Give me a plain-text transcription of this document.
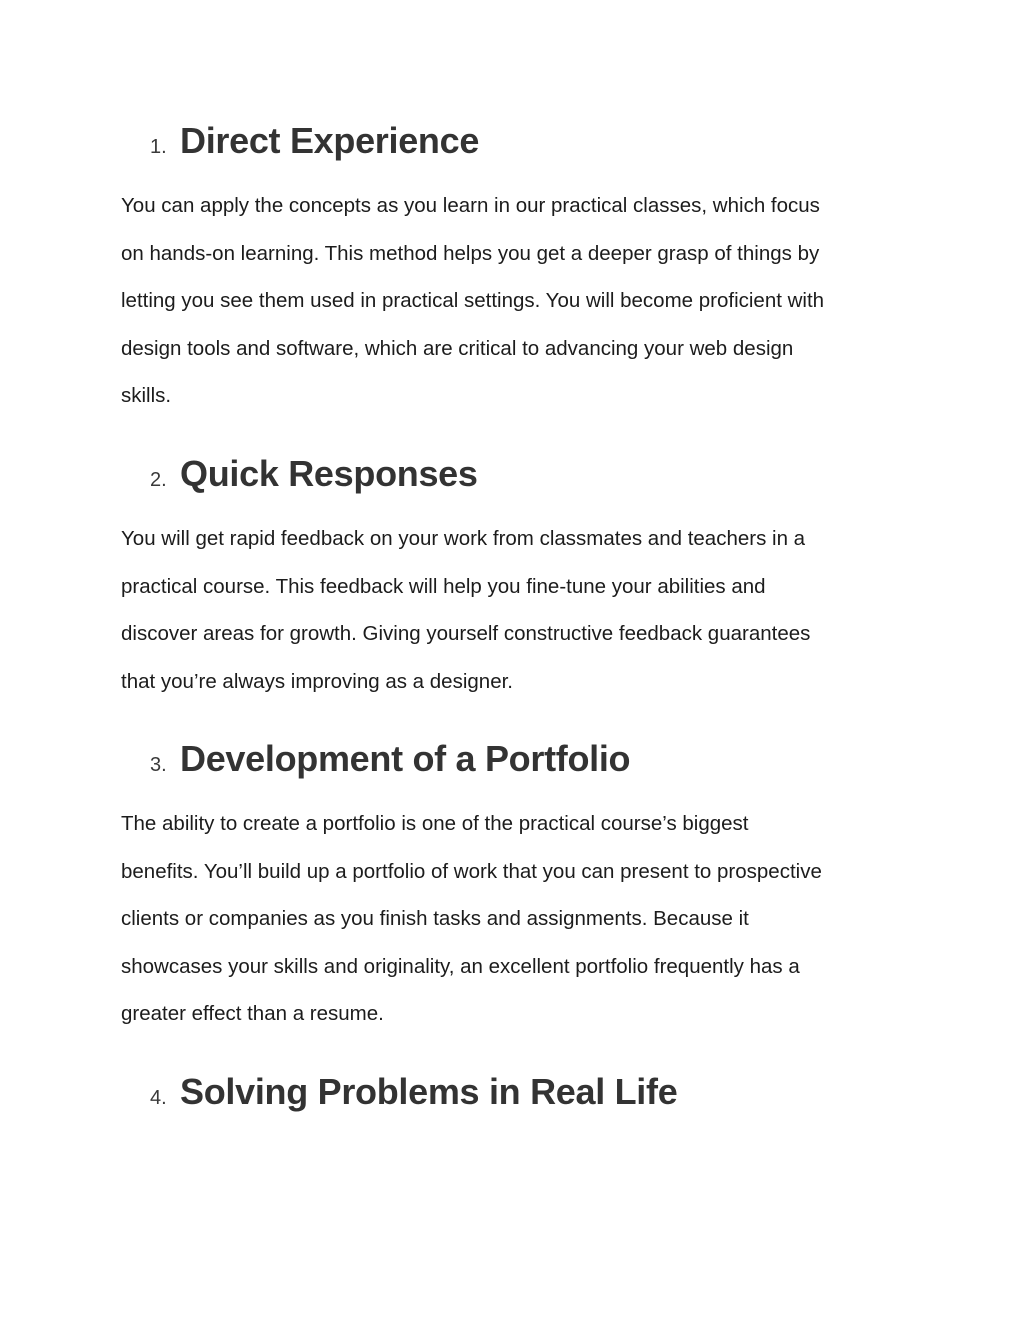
1. Direct Experience

You can apply the concepts as you learn in our practical classes, which focus
on hands-on learning. This method helps you get a deeper grasp of things by
letting you see them used in practical settings. You will become proficient with
design tools and software, which are critical to advancing your web design
skills.

2. Quick Responses

You will get rapid feedback on your work from classmates and teachers in a
practical course. This feedback will help you fine-tune your abilities and
discover areas for growth. Giving yourself constructive feedback guarantees
that you’re always improving as a designer.

3. Development of a Portfolio

The ability to create a portfolio is one of the practical course’s biggest
benefits. You’ll build up a portfolio of work that you can present to prospective
clients or companies as you finish tasks and assignments. Because it
showcases your skills and originality, an excellent portfolio frequently has a
greater effect than a resume.

4. Solving Problems in Real Life
